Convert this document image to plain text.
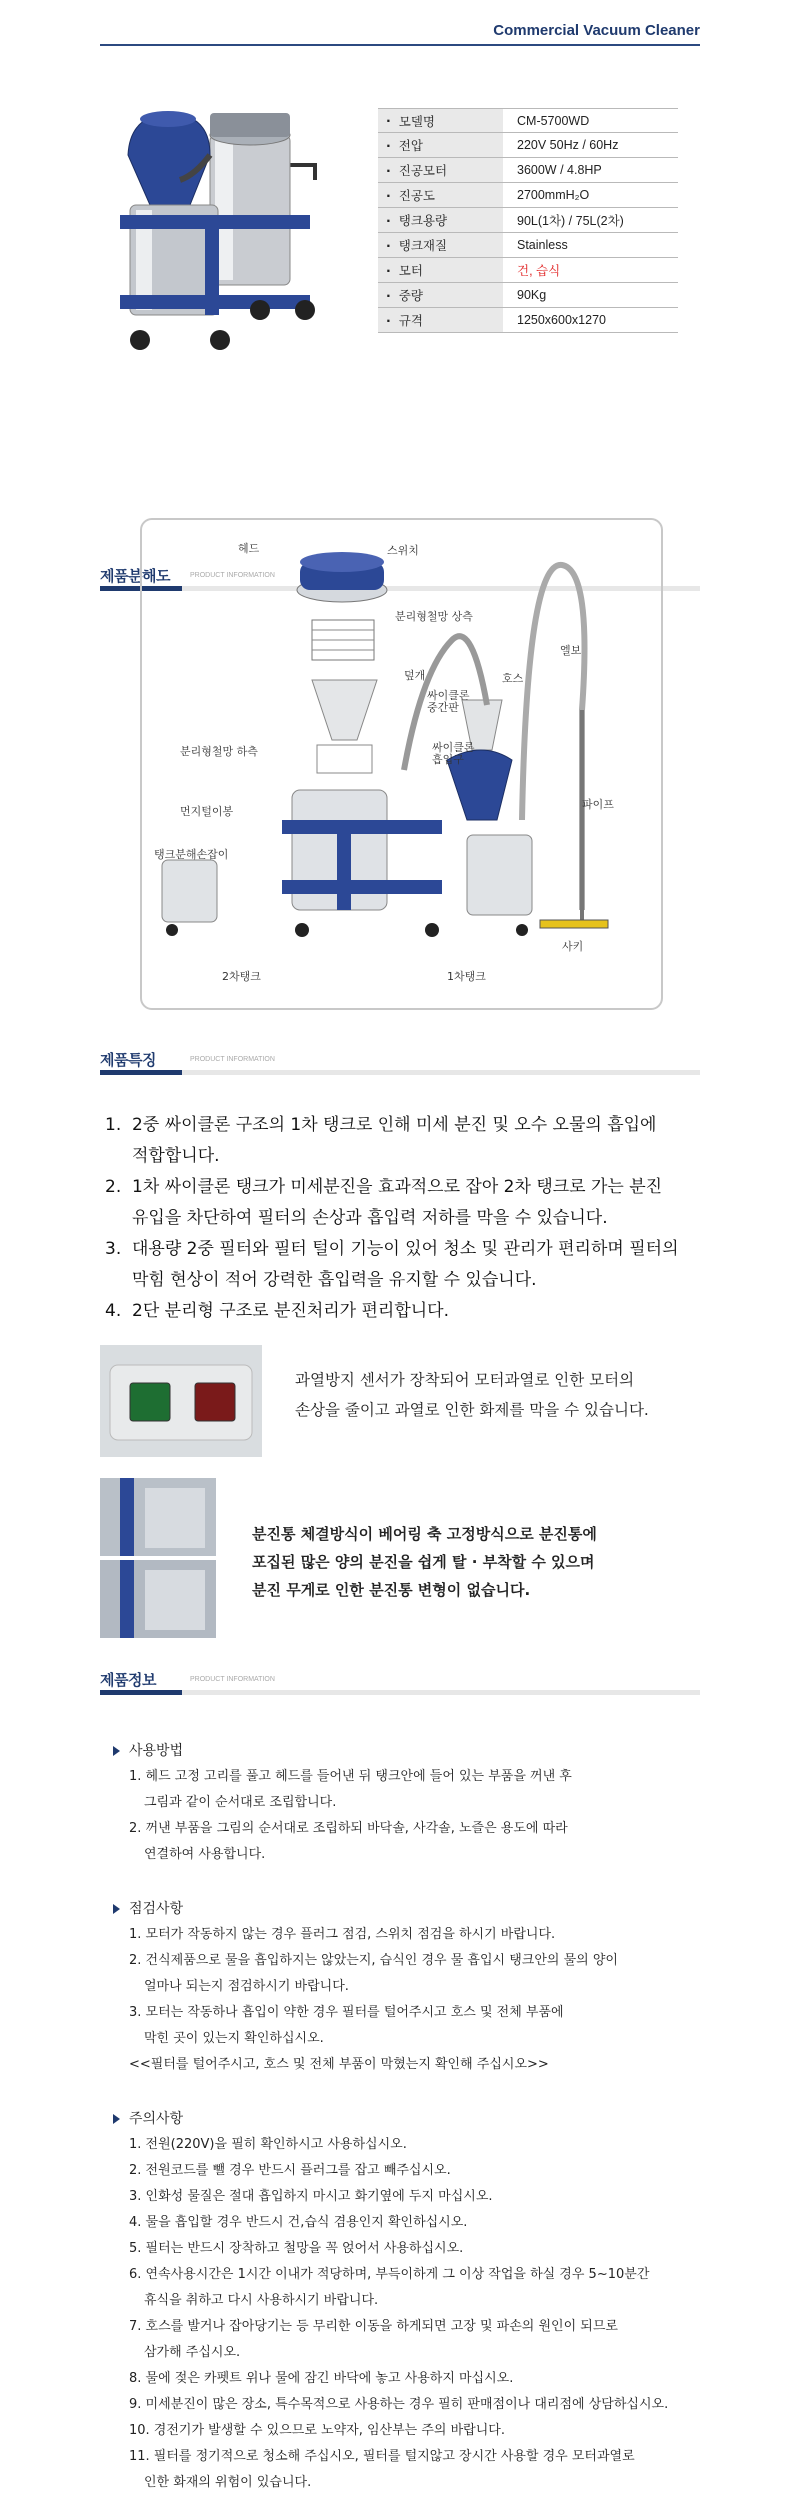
Commercial Vacuum Cleaner
· 모델명	CM-5700WD
· 전압	220V 50Hz / 60Hz
· 진공모터	3600W / 4.8HP
· 진공도	2700mmH₂O
· 탱크용량	90L(1차) / 75L(2차)
· 탱크재질	Stainless
· 모터	건, 습식
· 중량	90Kg
· 규격	1250x600x1270
제품분해도	PRODUCT INFORMATION
헤드	스위치
분리형철망 상측
덮개
엘보
호스
싸이클론
중간판
싸이클론
흡입구
분리형철망 하측
먼지털이봉
파이프
탱크분해손잡이
사키
2차탱크	1차탱크
제품특징	PRODUCT INFORMATION
1. 2중 싸이클론 구조의 1차 탱크로 인해 미세 분진 및 오수 오물의 흡입에
적합합니다.
2. 1차 싸이클론 탱크가 미세분진을 효과적으로 잡아 2차 탱크로 가는 분진
유입을 차단하여 필터의 손상과 흡입력 저하를 막을 수 있습니다.
3. 대용량 2중 필터와 필터 털이 기능이 있어 청소 및 관리가 편리하며 필터의
막힘 현상이 적어 강력한 흡입력을 유지할 수 있습니다.
4. 2단 분리형 구조로 분진처리가 편리합니다.
과열방지 센서가 장착되어 모터과열로 인한 모터의
손상을 줄이고 과열로 인한 화제를 막을 수 있습니다.
분진통 체결방식이 베어링 축 고정방식으로 분진통에
포집된 많은 양의 분진을 쉽게 탈 · 부착할 수 있으며
분진 무게로 인한 분진통 변형이 없습니다.
제품정보	PRODUCT INFORMATION
사용방법
1. 헤드 고정 고리를 풀고 헤드를 들어낸 뒤 탱크안에 들어 있는 부품을 꺼낸 후
그림과 같이 순서대로 조립합니다.
2. 꺼낸 부품을 그림의 순서대로 조립하되 바닥솔, 사각솔, 노즐은 용도에 따라
연결하여 사용합니다.
점검사항
1. 모터가 작동하지 않는 경우 플러그 점검, 스위치 점검을 하시기 바랍니다.
2. 건식제품으로 물을 흡입하지는 않았는지, 습식인 경우 물 흡입시 탱크안의 물의 양이
얼마나 되는지 점검하시기 바랍니다.
3. 모터는 작동하나 흡입이 약한 경우 필터를 털어주시고 호스 및 전체 부품에
막힌 곳이 있는지 확인하십시오.
<<필터를 털어주시고, 호스 및 전체 부품이 막혔는지 확인해 주십시오>>
주의사항
1. 전원(220V)을 필히 확인하시고 사용하십시오.
2. 전원코드를 뺄 경우 반드시 플러그를 잡고 빼주십시오.
3. 인화성 물질은 절대 흡입하지 마시고 화기옆에 두지 마십시오.
4. 물을 흡입할 경우 반드시 건,습식 겸용인지 확인하십시오.
5. 필터는 반드시 장착하고 철망을 꼭 얹어서 사용하십시오.
6. 연속사용시간은 1시간 이내가 적당하며, 부득이하게 그 이상 작업을 하실 경우 5~10분간
휴식을 취하고 다시 사용하시기 바랍니다.
7. 호스를 발거나 잡아당기는 등 무리한 이동을 하게되면 고장 및 파손의 원인이 되므로
삼가해 주십시오.
8. 물에 젖은 카펫트 위나 물에 잠긴 바닥에 놓고 사용하지 마십시오.
9. 미세분진이 많은 장소, 특수목적으로 사용하는 경우 필히 판매점이나 대리점에 상담하십시오.
10. 경전기가 발생할 수 있으므로 노약자, 임산부는 주의 바랍니다.
11. 필터를 정기적으로 청소해 주십시오, 필터를 털지않고 장시간 사용할 경우 모터과열로
인한 화재의 위험이 있습니다.
